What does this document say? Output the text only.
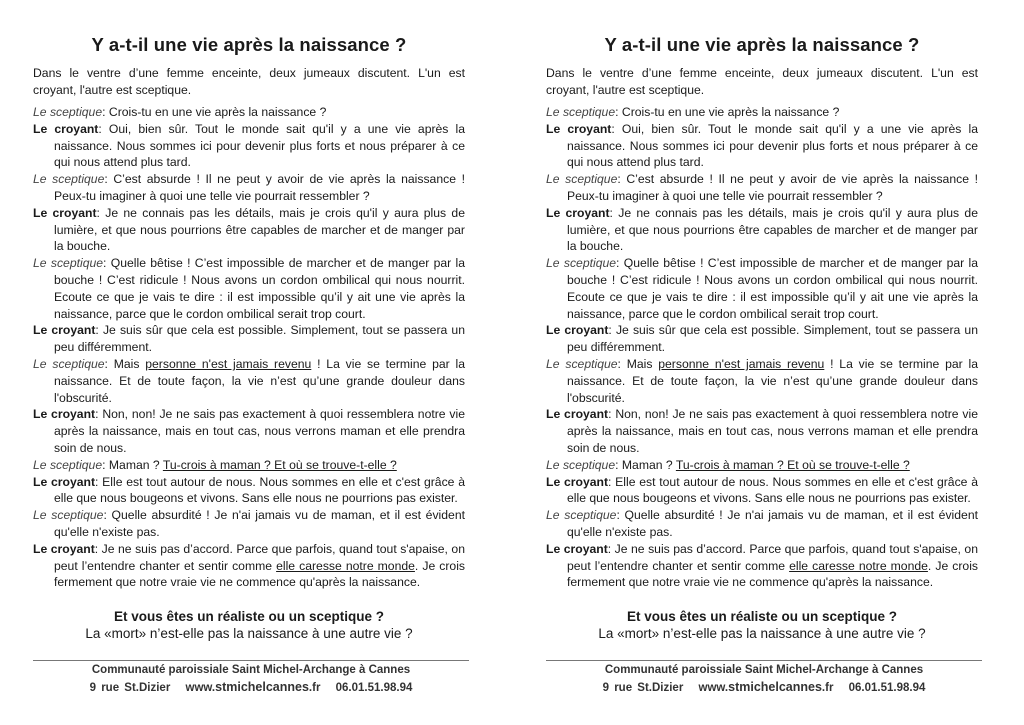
Y a-t-il une vie après la naissance ?
Dans le ventre d’une femme enceinte, deux jumeaux discutent. L'un est croyant, l'autre est sceptique.

Le sceptique: Crois-tu en une vie après la naissance ?

Le croyant: Oui, bien sûr. Tout le monde sait qu'il y a une vie après la naissance. Nous sommes ici pour devenir plus forts et nous préparer à ce qui nous attend plus tard.

Le sceptique: C’est absurde ! Il ne peut y avoir de vie après la naissance ! Peux-tu imaginer à quoi une telle vie pourrait ressembler ?

Le croyant: Je ne connais pas les détails, mais je crois qu'il y aura plus de lumière, et que nous pourrions être capables de marcher et de manger par la bouche.

Le sceptique: Quelle bêtise ! C’est impossible de marcher et de manger par la bouche ! C’est ridicule ! Nous avons un cordon ombilical qui nous nourrit. Ecoute ce que je vais te dire : il est impossible qu’il y ait une vie après la naissance, parce que le cordon ombilical serait trop court.

Le croyant: Je suis sûr que cela est possible. Simplement, tout se passera un peu différemment.

Le sceptique: Mais personne n'est jamais revenu ! La vie se termine par la naissance. Et de toute façon, la vie n’est qu’une grande douleur dans l'obscurité.

Le croyant: Non, non! Je ne sais pas exactement à quoi ressemblera notre vie après la naissance, mais en tout cas, nous verrons maman et elle prendra soin de nous.

Le sceptique: Maman ? Tu-crois à maman ? Et où se trouve-t-elle ?

Le croyant: Elle est tout autour de nous. Nous sommes en elle et c'est grâce à elle que nous bougeons et vivons. Sans elle nous ne pourrions pas exister.

Le sceptique: Quelle absurdité ! Je n'ai jamais vu de maman, et il est évident qu'elle n'existe pas.

Le croyant: Je ne suis pas d’accord. Parce que parfois, quand tout s'apaise, on peut l’entendre chanter et sentir comme elle caresse notre monde. Je crois fermement que notre vraie vie ne commence qu'après la naissance.

Et vous êtes un réaliste ou un sceptique ?
La «mort» n’est-elle pas la naissance à une autre vie ?
Communauté paroissiale Saint Michel-Archange à Cannes
9 rue St.Dizier www.stmichelcannes.fr 06.01.51.98.94
Y a-t-il une vie après la naissance ?
Dans le ventre d’une femme enceinte, deux jumeaux discutent. L'un est croyant, l'autre est sceptique.

Le sceptique: Crois-tu en une vie après la naissance ?

Le croyant: Oui, bien sûr. Tout le monde sait qu'il y a une vie après la naissance. Nous sommes ici pour devenir plus forts et nous préparer à ce qui nous attend plus tard.

Le sceptique: C’est absurde ! Il ne peut y avoir de vie après la naissance ! Peux-tu imaginer à quoi une telle vie pourrait ressembler ?

Le croyant: Je ne connais pas les détails, mais je crois qu'il y aura plus de lumière, et que nous pourrions être capables de marcher et de manger par la bouche.

Le sceptique: Quelle bêtise ! C’est impossible de marcher et de manger par la bouche ! C’est ridicule ! Nous avons un cordon ombilical qui nous nourrit. Ecoute ce que je vais te dire : il est impossible qu’il y ait une vie après la naissance, parce que le cordon ombilical serait trop court.

Le croyant: Je suis sûr que cela est possible. Simplement, tout se passera un peu différemment.

Le sceptique: Mais personne n'est jamais revenu ! La vie se termine par la naissance. Et de toute façon, la vie n’est qu’une grande douleur dans l'obscurité.

Le croyant: Non, non! Je ne sais pas exactement à quoi ressemblera notre vie après la naissance, mais en tout cas, nous verrons maman et elle prendra soin de nous.

Le sceptique: Maman ? Tu-crois à maman ? Et où se trouve-t-elle ?

Le croyant: Elle est tout autour de nous. Nous sommes en elle et c'est grâce à elle que nous bougeons et vivons. Sans elle nous ne pourrions pas exister.

Le sceptique: Quelle absurdité ! Je n'ai jamais vu de maman, et il est évident qu'elle n'existe pas.

Le croyant: Je ne suis pas d’accord. Parce que parfois, quand tout s'apaise, on peut l’entendre chanter et sentir comme elle caresse notre monde. Je crois fermement que notre vraie vie ne commence qu'après la naissance.

Et vous êtes un réaliste ou un sceptique ?
La «mort» n’est-elle pas la naissance à une autre vie ?
Communauté paroissiale Saint Michel-Archange à Cannes
9 rue St.Dizier www.stmichelcannes.fr 06.01.51.98.94
